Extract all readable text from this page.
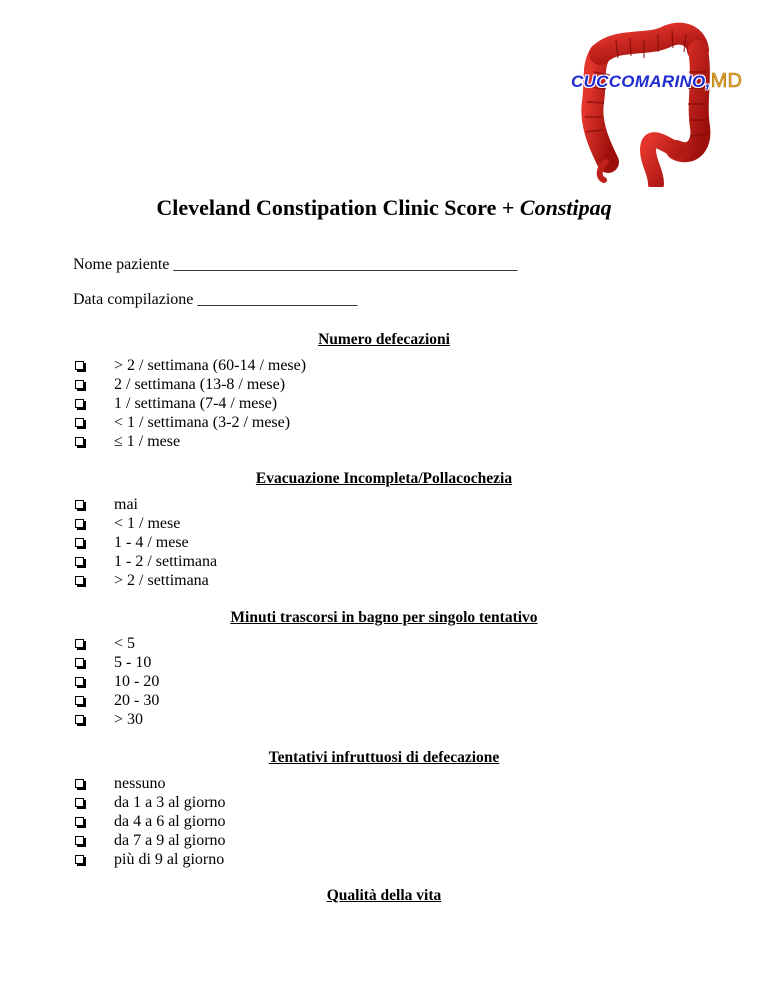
CUCCOMARINO,MD
Cleveland Constipation Clinic Score + Constipaq
Nome paziente ___________________________________________
Data compilazione ____________________
Numero defecazioni
> 2 / settimana (60-14 / mese)
2 / settimana (13-8 / mese)
1 / settimana (7-4 / mese)
< 1 / settimana (3-2 / mese)
≤ 1 / mese
Evacuazione Incompleta/Pollacochezia
mai
< 1 / mese
1 - 4 / mese
1 - 2 / settimana
> 2 / settimana
Minuti trascorsi in bagno per singolo tentativo
< 5
5 - 10
10 - 20
20 - 30
> 30
Tentativi infruttuosi di defecazione
nessuno
da 1 a 3 al giorno
da 4 a 6 al giorno
da 7 a 9 al giorno
più di 9 al giorno
Qualità della vita
